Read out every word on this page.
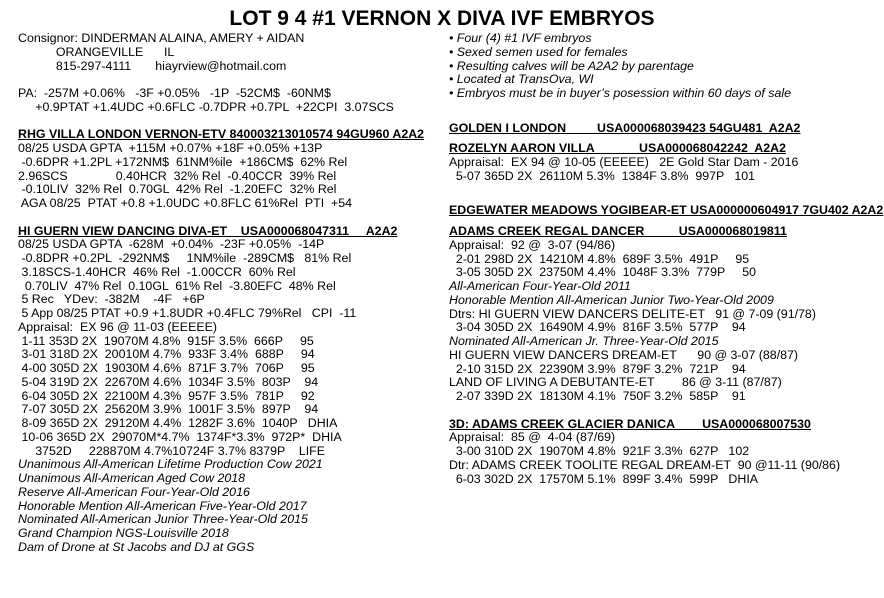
LOT 9 4 #1 VERNON X DIVA IVF EMBRYOS
Consignor: DINDERMAN ALAINA, AMERY + AIDAN
ORANGEVILLE      IL
815-297-4111       hiayrview@hotmail.com
PA:  -257M +0.06%   -3F +0.05%   -1P  -52CM$  -60NM$
+0.9PTAT +1.4UDC +0.6FLC -0.7DPR +0.7PL  +22CPI  3.07SCS
RHG VILLA LONDON VERNON-ETV 840003213010574 94GU960 A2A2
08/25 USDA GPTA  +115M +0.07% +18F +0.05% +13P
-0.6DPR +1.2PL +172NM$  61NM%ile  +186CM$  62% Rel
2.96SCS              0.40HCR  32% Rel  -0.40CCR  39% Rel
-0.10LIV  32% Rel  0.70GL  42% Rel  -1.20EFC  32% Rel
AGA 08/25  PTAT +0.8 +1.0UDC +0.8FLC 61%Rel  PTI  +54
HI GUERN VIEW DANCING DIVA-ET    USA000068047311     A2A2
08/25 USDA GPTA  -628M  +0.04%  -23F +0.05%  -14P
-0.8DPR +0.2PL  -292NM$     1NM%ile  -289CM$   81% Rel
3.18SCS-1.40HCR  46% Rel  -1.00CCR  60% Rel
0.70LIV  47% Rel  0.10GL  61% Rel  -3.80EFC  48% Rel
5 Rec   YDev:  -382M    -4F   +6P
5 App 08/25 PTAT +0.9 +1.8UDR +0.4FLC 79%Rel   CPI  -11
Appraisal:  EX 96 @ 11-03 (EEEEE)
1-11 353D 2X  19070M 4.8%  915F 3.5%  666P     95
3-01 318D 2X  20010M 4.7%  933F 3.4%  688P     94
4-00 305D 2X  19030M 4.6%  871F 3.7%  706P     95
5-04 319D 2X  22670M 4.6%  1034F 3.5%  803P    94
6-04 305D 2X  22100M 4.3%  957F 3.5%  781P     92
7-07 305D 2X  25620M 3.9%  1001F 3.5%  897P    94
8-09 365D 2X  29120M 4.4%  1282F 3.6%  1040P   DHIA
10-06 365D 2X  29070M*4.7%  1374F*3.3%  972P*  DHIA
3752D     228870M 4.7%10724F 3.7% 8379P    LIFE
Unanimous All-American Lifetime Production Cow 2021
Unanimous All-American Aged Cow 2018
Reserve All-American Four-Year-Old 2016
Honorable Mention All-American Five-Year-Old 2017
Nominated All-American Junior Three-Year-Old 2015
Grand Champion NGS-Louisville 2018
Dam of Drone at St Jacobs and DJ at GGS
• Four (4) #1 IVF embryos
• Sexed semen used for females
• Resulting calves will be A2A2 by parentage
• Located at TransOva, WI
• Embryos must be in buyer’s posession within 60 days of sale
GOLDEN I LONDON         USA000068039423 54GU481  A2A2
ROZELYN AARON VILLA             USA000068042242  A2A2
Appraisal:  EX 94 @ 10-05 (EEEEE)   2E Gold Star Dam - 2016
5-07 365D 2X  26110M 5.3%  1384F 3.8%  997P   101
EDGEWATER MEADOWS YOGIBEAR-ET USA000000604917 7GU402 A2A2
ADAMS CREEK REGAL DANCER          USA000068019811
Appraisal:  92 @  3-07 (94/86)
2-01 298D 2X  14210M 4.8%  689F 3.5%  491P     95
3-05 305D 2X  23750M 4.4%  1048F 3.3%  779P     50
All-American Four-Year-Old 2011
Honorable Mention All-American Junior Two-Year-Old 2009
Dtrs: HI GUERN VIEW DANCERS DELITE-ET   91 @ 7-09 (91/78)
3-04 305D 2X  16490M 4.9%  816F 3.5%  577P    94
Nominated All-American Jr. Three-Year-Old 2015
HI GUERN VIEW DANCERS DREAM-ET      90 @ 3-07 (88/87)
2-10 315D 2X  22390M 3.9%  879F 3.2%  721P    94
LAND OF LIVING A DEBUTANTE-ET        86 @ 3-11 (87/87)
2-07 339D 2X  18130M 4.1%  750F 3.2%  585P    91
3D: ADAMS CREEK GLACIER DANICA        USA000068007530
Appraisal:  85 @  4-04 (87/69)
3-00 310D 2X  19070M 4.8%  921F 3.3%  627P   102
Dtr: ADAMS CREEK TOOLITE REGAL DREAM-ET  90 @11-11 (90/86)
6-03 302D 2X  17570M 5.1%  899F 3.4%  599P   DHIA
